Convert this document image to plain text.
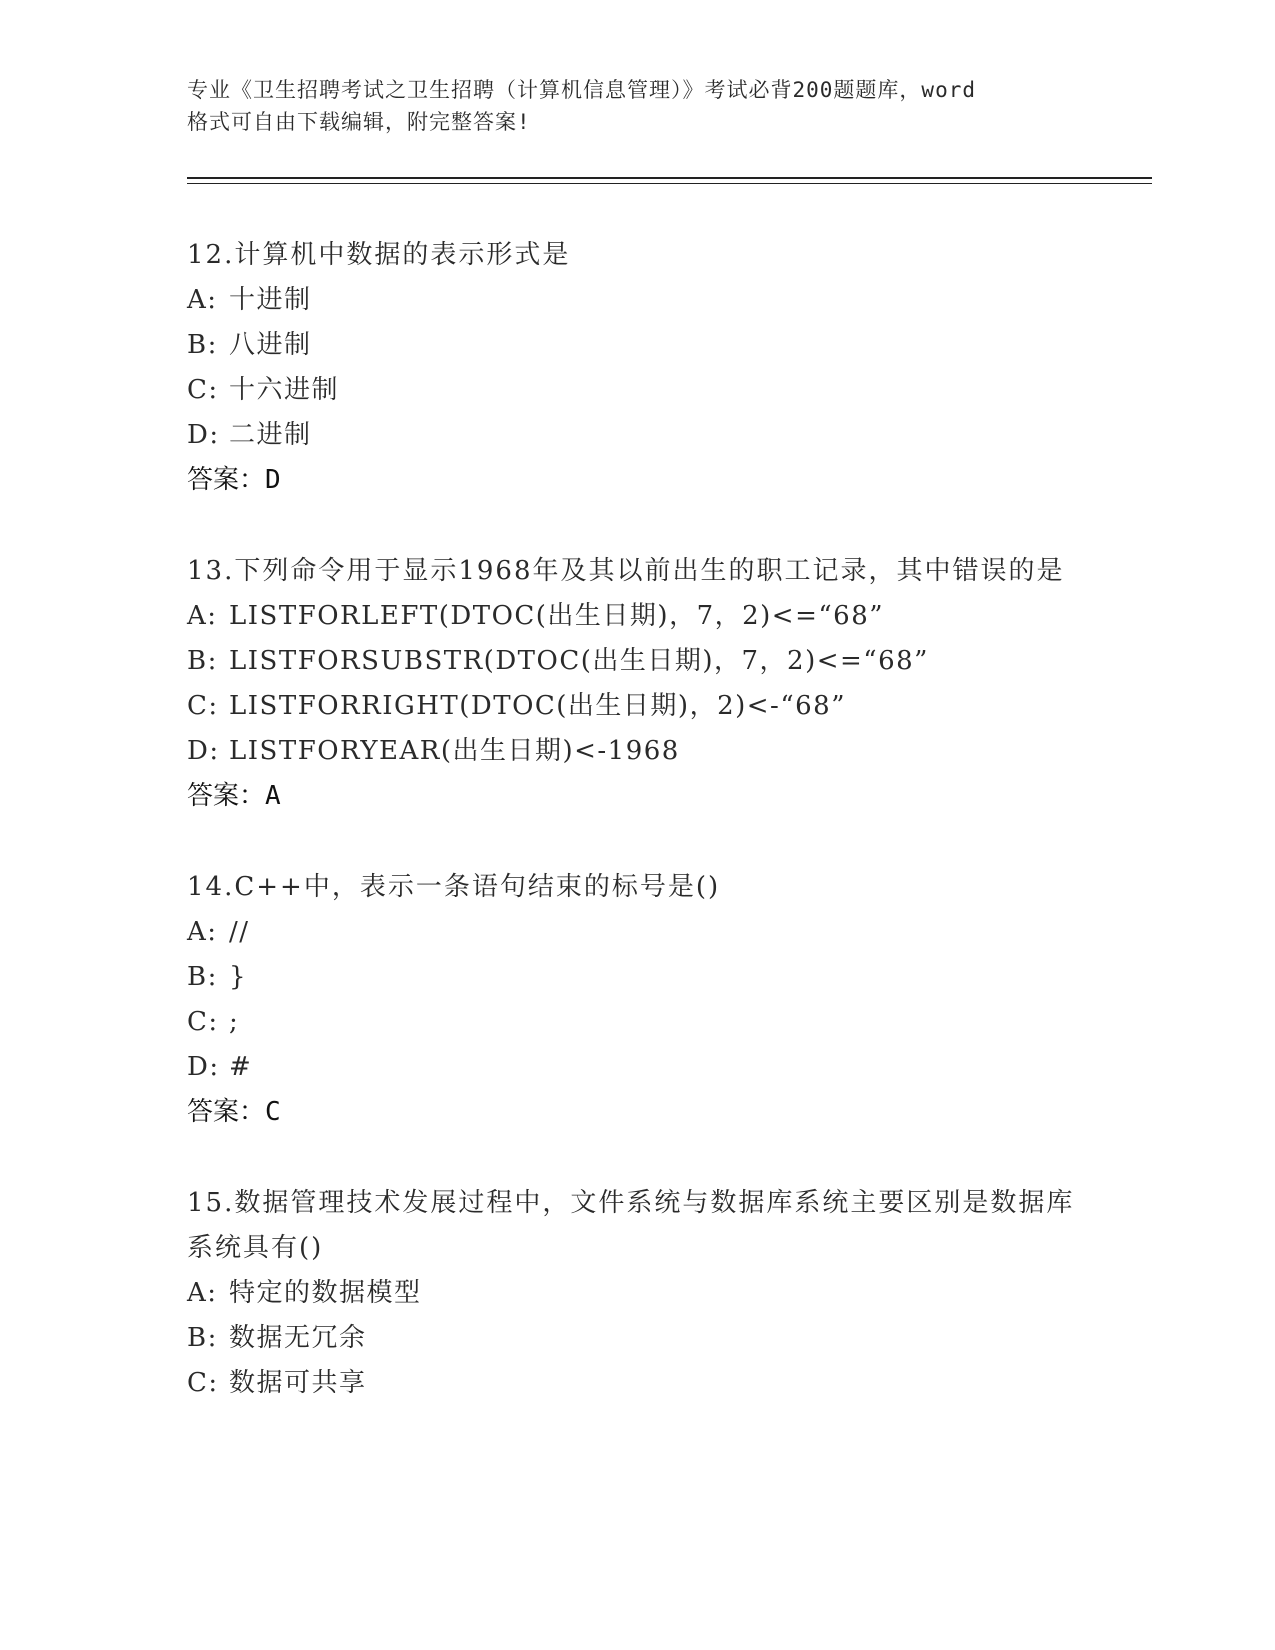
专业《卫生招聘考试之卫生招聘（计算机信息管理）》考试必背200题题库，word
格式可自由下载编辑，附完整答案!
12.计算机中数据的表示形式是
A: 十进制
B: 八进制
C: 十六进制
D: 二进制
答案：D
13.下列命令用于显示1968年及其以前出生的职工记录，其中错误的是
A: LISTFORLEFT(DTOC(出生日期)，7，2)<=“68”
B: LISTFORSUBSTR(DTOC(出生日期)，7，2)<=“68”
C: LISTFORRIGHT(DTOC(出生日期)，2)<-“68”
D: LISTFORYEAR(出生日期)<-1968
答案：A
14.C++中，表示一条语句结束的标号是()
A: //
B: }
C: ;
D: #
答案：C
15.数据管理技术发展过程中，文件系统与数据库系统主要区别是数据库系统具有()
A: 特定的数据模型
B: 数据无冗余
C: 数据可共享
